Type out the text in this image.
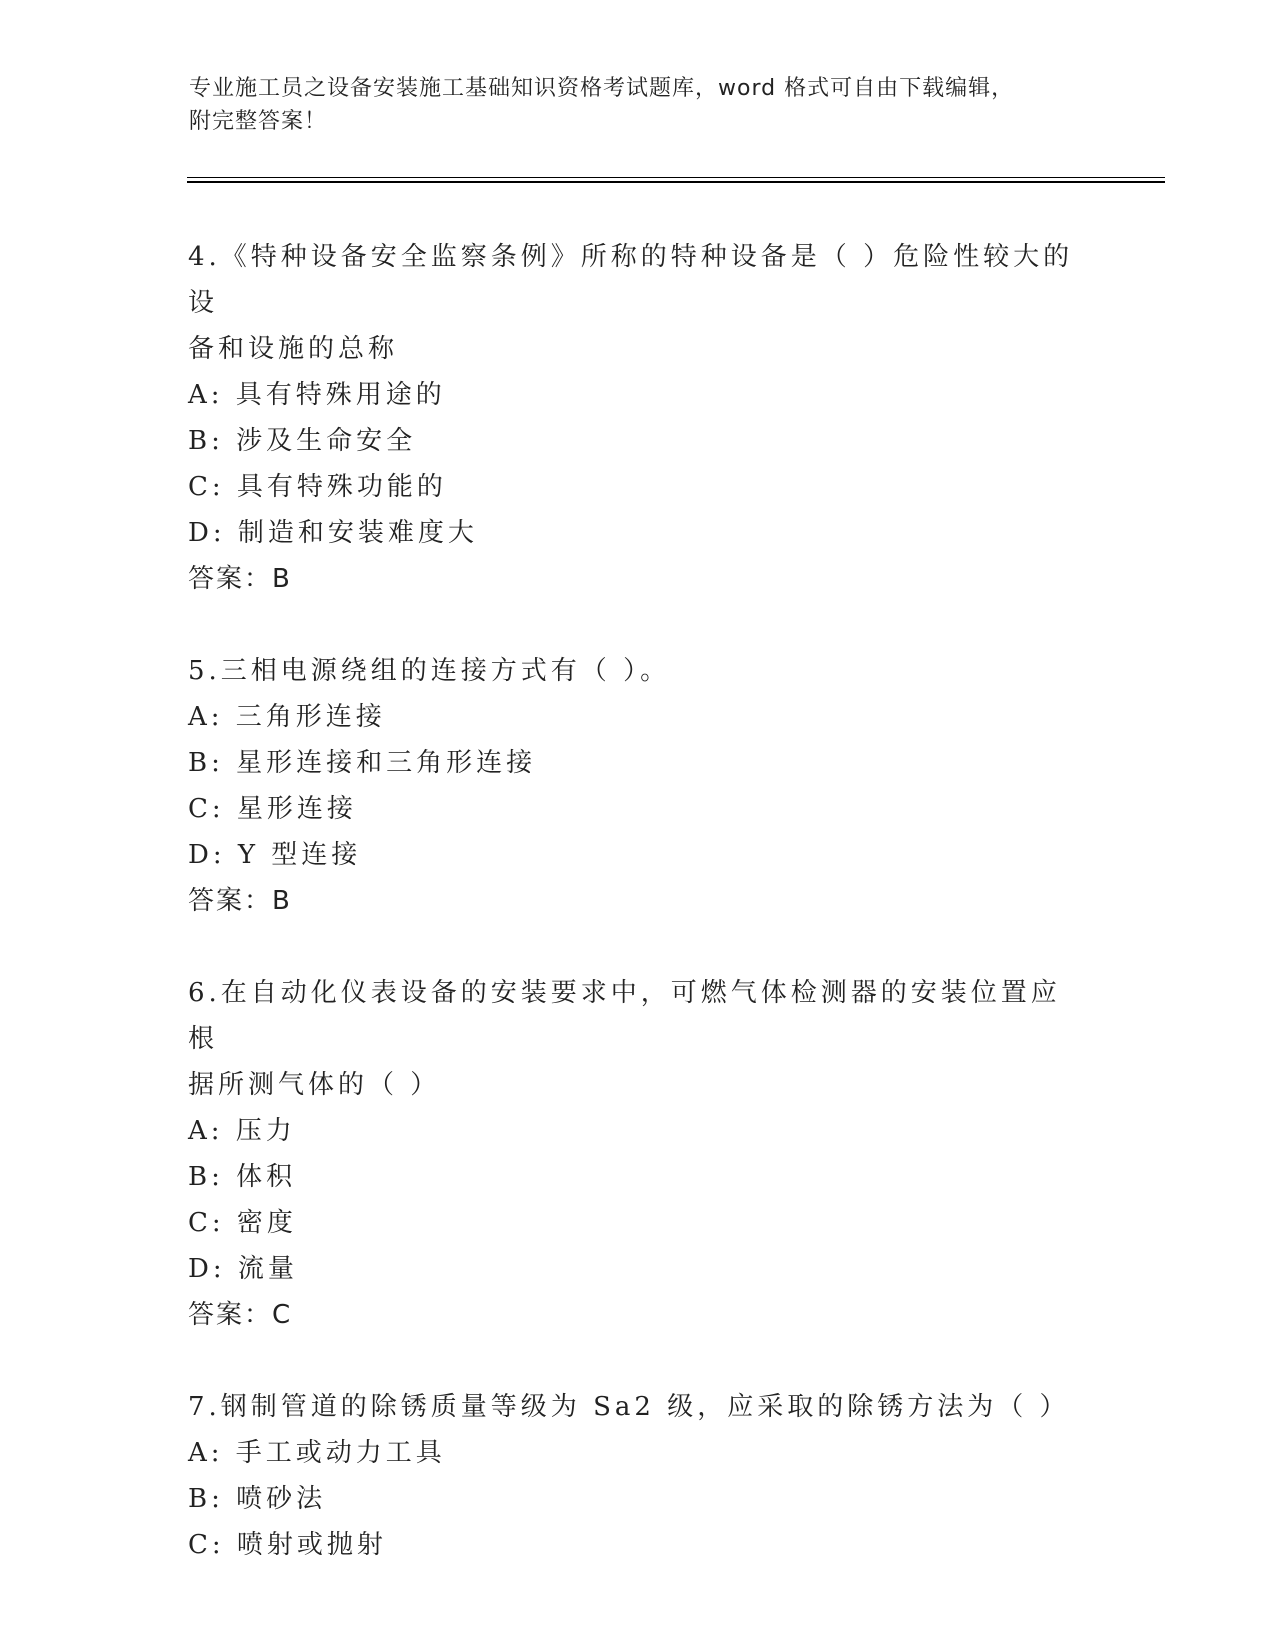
专业施工员之设备安装施工基础知识资格考试题库，word 格式可自由下载编辑，
附完整答案！

4.《特种设备安全监察条例》所称的特种设备是（ ）危险性较大的设

备和设施的总称

A: 具有特殊用途的

B: 涉及生命安全

C: 具有特殊功能的

D: 制造和安装难度大

答案：B

5.三相电源绕组的连接方式有（ ）。

A: 三角形连接

B: 星形连接和三角形连接

C: 星形连接

D: Y 型连接

答案：B

6.在自动化仪表设备的安装要求中，可燃气体检测器的安装位置应根

据所测气体的（ ）

A: 压力

B: 体积

C: 密度

D: 流量

答案：C

7.钢制管道的除锈质量等级为 Sa2 级，应采取的除锈方法为（ ）

A: 手工或动力工具

B: 喷砂法

C: 喷射或抛射
